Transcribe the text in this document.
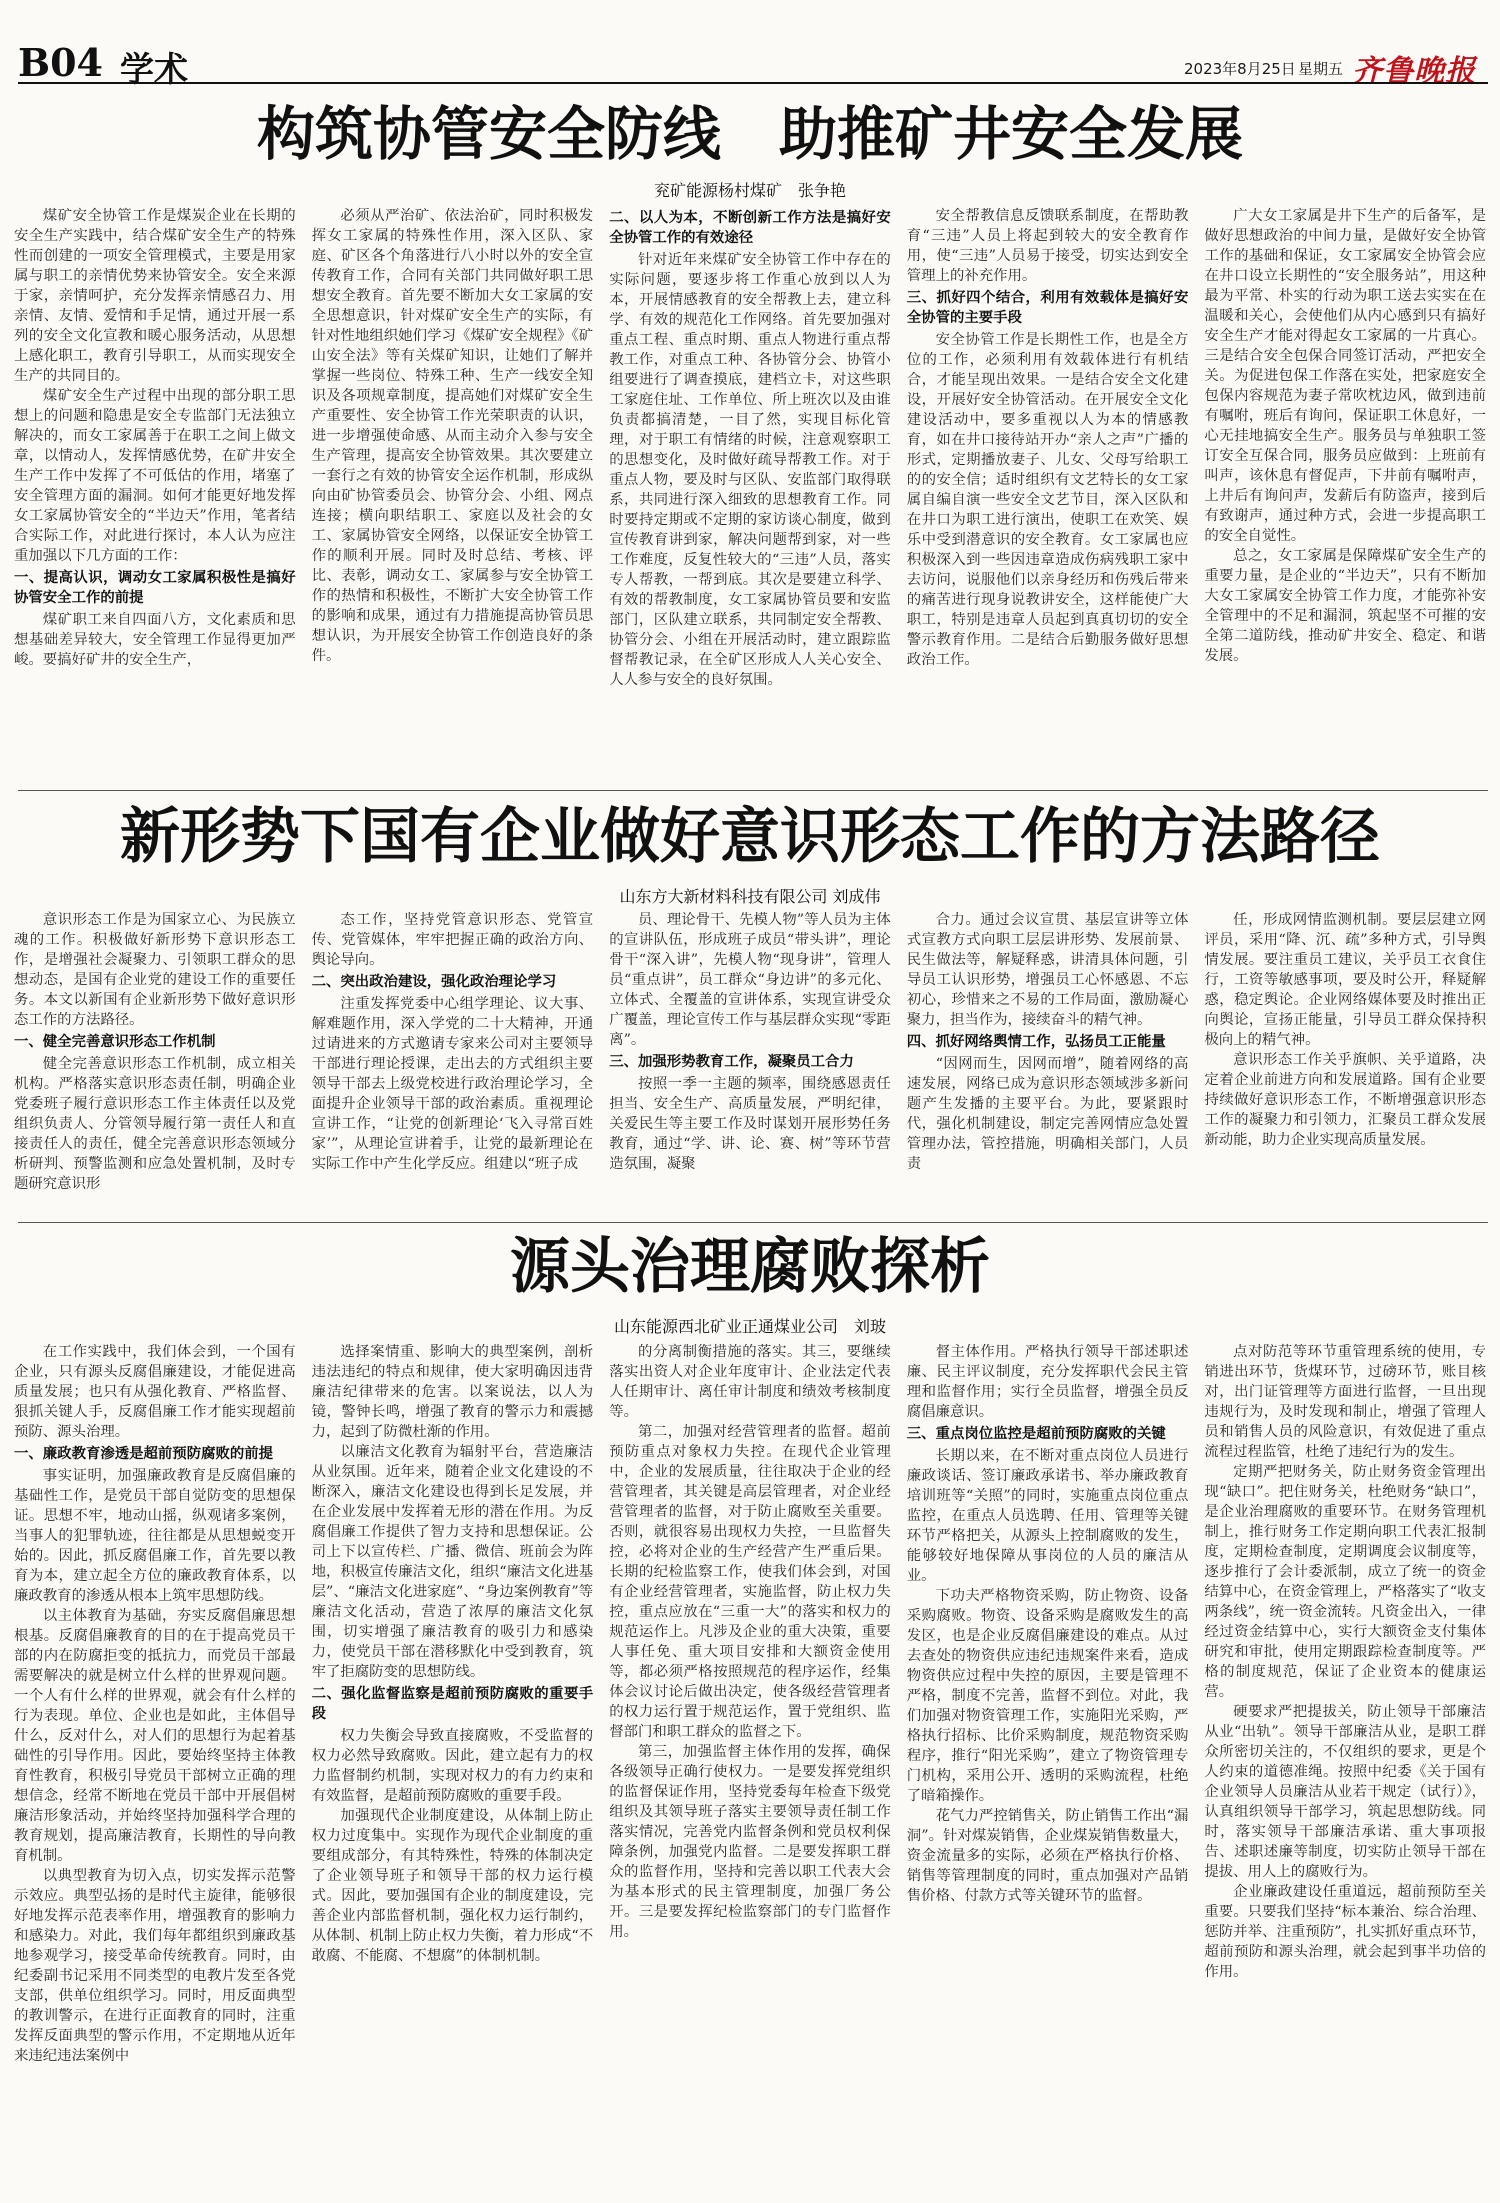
B04 学术	2023年8月25日 星期五 齐鲁晚报
构筑协管安全防线　助推矿井安全发展
兖矿能源杨村煤矿　张争艳

煤矿安全协管工作是煤炭企业在长期的安全生产实践中，结合煤矿安全生产的特殊性而创建的一项安全管理模式，主要是用家属与职工的亲情优势来协管安全。安全来源于家，亲情呵护，充分发挥亲情感召力、用亲情、友情、爱情和手足情，通过开展一系列的安全文化宣教和暖心服务活动，从思想上感化职工，教育引导职工，从而实现安全生产的共同目的。

煤矿安全生产过程中出现的部分职工思想上的问题和隐患是安全专监部门无法独立解决的，而女工家属善于在职工之间上做文章，以情动人，发挥情感优势，在矿井安全生产工作中发挥了不可低估的作用，堵塞了安全管理方面的漏洞。如何才能更好地发挥女工家属协管安全的“半边天”作用，笔者结合实际工作，对此进行探讨，本人认为应注重加强以下几方面的工作：

一、提高认识，调动女工家属积极性是搞好协管安全工作的前提

煤矿职工来自四面八方，文化素质和思想基础差异较大，安全管理工作显得更加严峻。要搞好矿井的安全生产，

必须从严治矿、依法治矿，同时积极发挥女工家属的特殊性作用，深入区队、家庭、矿区各个角落进行八小时以外的安全宣传教育工作，合同有关部门共同做好职工思想安全教育。首先要不断加大女工家属的安全思想意识，针对煤矿安全生产的实际，有针对性地组织她们学习《煤矿安全规程》《矿山安全法》等有关煤矿知识，让她们了解并掌握一些岗位、特殊工种、生产一线安全知识及各项规章制度，提高她们对煤矿安全生产重要性、安全协管工作光荣职责的认识，进一步增强使命感、从而主动介入参与安全生产管理，提高安全协管效果。其次要建立一套行之有效的协管安全运作机制，形成纵向由矿协管委员会、协管分会、小组、网点连接；横向职结职工、家庭以及社会的女工、家属协管安全网络，以保证安全协管工作的顺利开展。同时及时总结、考核、评比、表彰，调动女工、家属参与安全协管工作的热情和积极性，不断扩大安全协管工作的影响和成果，通过有力措施提高协管员思想认识，为开展安全协管工作创造良好的条件。

二、以人为本，不断创新工作方法是搞好安全协管工作的有效途径

针对近年来煤矿安全协管工作中存在的实际问题，要逐步将工作重心放到以人为本，开展情感教育的安全帮教上去，建立科学、有效的规范化工作网络。首先要加强对重点工程、重点时期、重点人物进行重点帮教工作，对重点工种、各协管分会、协管小组要进行了调查摸底，建档立卡，对这些职工家庭住址、工作单位、所上班次以及由谁负责都搞清楚，一目了然，实现目标化管理，对于职工有情绪的时候，注意观察职工的思想变化，及时做好疏导帮教工作。对于重点人物，要及时与区队、安监部门取得联系，共同进行深入细致的思想教育工作。同时要持定期或不定期的家访谈心制度，做到宣传教育讲到家，解决问题帮到家，对一些工作难度，反复性较大的“三违”人员，落实专人帮教，一帮到底。其次是要建立科学、有效的帮教制度，女工家属协管员要和安监部门，区队建立联系，共同制定安全帮教、协管分会、小组在开展活动时，建立跟踪监督帮教记录，在全矿区形成人人关心安全、人人参与安全的良好氛围。

安全帮教信息反馈联系制度，在帮助教育“三违”人员上将起到较大的安全教育作用，使“三违”人员易于接受，切实达到安全管理上的补充作用。

三、抓好四个结合，利用有效载体是搞好安全协管的主要手段

安全协管工作是长期性工作，也是全方位的工作，必须利用有效载体进行有机结合，才能呈现出效果。一是结合安全文化建设，开展好安全协管活动。在开展安全文化建设活动中，要多重视以人为本的情感教育，如在井口接待站开办“亲人之声”广播的形式，定期播放妻子、儿女、父母写给职工的的安全信；适时组织有文艺特长的女工家属自编自演一些安全文艺节目，深入区队和在井口为职工进行演出，使职工在欢笑、娱乐中受到潜意识的安全教育。女工家属也应积极深入到一些因违章造成伤病残职工家中去访问，说服他们以亲身经历和伤残后带来的痛苦进行现身说教讲安全，这样能使广大职工，特别是违章人员起到真真切切的安全警示教育作用。二是结合后勤服务做好思想政治工作。

广大女工家属是井下生产的后备军，是做好思想政治的中间力量，是做好安全协管工作的基础和保证，女工家属安全协管会应在井口设立长期性的“安全服务站”，用这种最为平常、朴实的行动为职工送去实实在在温暖和关心，会使他们从内心感到只有搞好安全生产才能对得起女工家属的一片真心。三是结合安全包保合同签订活动，严把安全关。为促进包保工作落在实处，把家庭安全包保内容规范为妻子常吹枕边风，做到违前有嘱咐，班后有询问，保证职工休息好，一心无挂地搞安全生产。服务员与单独职工签订安全互保合同，服务员应做到：上班前有叫声，该休息有督促声，下井前有嘱咐声，上井后有询问声，发薪后有防盗声，接到后有致谢声，通过种方式，会进一步提高职工的安全自觉性。

总之，女工家属是保障煤矿安全生产的重要力量，是企业的“半边天”，只有不断加大女工家属安全协管工作力度，才能弥补安全管理中的不足和漏洞，筑起坚不可摧的安全第二道防线，推动矿井安全、稳定、和谐发展。

新形势下国有企业做好意识形态工作的方法路径
山东方大新材料科技有限公司 刘成伟

意识形态工作是为国家立心、为民族立魂的工作。积极做好新形势下意识形态工作，是增强社会凝聚力、引领职工群众的思想动态，是国有企业党的建设工作的重要任务。本文以新国有企业新形势下做好意识形态工作的方法路径。

一、健全完善意识形态工作机制

健全完善意识形态工作机制，成立相关机构。严格落实意识形态责任制，明确企业党委班子履行意识形态工作主体责任以及党组织负责人、分管领导履行第一责任人和直接责任人的责任，健全完善意识形态领域分析研判、预警监测和应急处置机制，及时专题研究意识形

态工作，坚持党管意识形态、党管宣传、党管媒体，牢牢把握正确的政治方向、舆论导向。

二、突出政治建设，强化政治理论学习

注重发挥党委中心组学理论、议大事、解难题作用，深入学党的二十大精神，开通过请进来的方式邀请专家来公司对主要领导干部进行理论授课，走出去的方式组织主要领导干部去上级党校进行政治理论学习，全面提升企业领导干部的政治素质。重视理论宣讲工作，“让党的创新理论‘飞入寻常百姓家’”，从理论宣讲着手，让党的最新理论在实际工作中产生化学反应。组建以“班子成

员、理论骨干、先模人物”等人员为主体的宣讲队伍，形成班子成员“带头讲”，理论骨干“深入讲”，先模人物“现身讲”，管理人员“重点讲”，员工群众“身边讲”的多元化、立体式、全覆盖的宣讲体系，实现宣讲受众广覆盖，理论宣传工作与基层群众实现“零距离”。

三、加强形势教育工作，凝聚员工合力

按照一季一主题的频率，围绕感恩责任担当、安全生产、高质量发展，严明纪律，关爱民生等主要工作及时谋划开展形势任务教育，通过“学、讲、论、赛、树”等环节营造氛围，凝聚

合力。通过会议宣贯、基层宣讲等立体式宣教方式向职工层层讲形势、发展前景、民生做法等，解疑释惑，讲清具体问题，引导员工认识形势，增强员工心怀感恩、不忘初心，珍惜来之不易的工作局面，激励凝心聚力，担当作为，接续奋斗的精气神。

四、抓好网络舆情工作，弘扬员工正能量

“因网而生，因网而增”，随着网络的高速发展，网络已成为意识形态领域涉多新问题产生发播的主要平台。为此，要紧跟时代，强化机制建设，制定完善网情应急处置管理办法，管控措施，明确相关部门，人员责

任，形成网情监测机制。要层层建立网评员，采用“降、沉、疏”多种方式，引导舆情发展。要注重员工建议，关乎员工衣食住行，工资等敏感事项，要及时公开，释疑解惑，稳定舆论。企业网络媒体要及时推出正向舆论，宣扬正能量，引导员工群众保持积极向上的精气神。

意识形态工作关乎旗帜、关乎道路，决定着企业前进方向和发展道路。国有企业要持续做好意识形态工作，不断增强意识形态工作的凝聚力和引领力，汇聚员工群众发展新动能，助力企业实现高质量发展。

源头治理腐败探析
山东能源西北矿业正通煤业公司　刘玻

在工作实践中，我们体会到，一个国有企业，只有源头反腐倡廉建设，才能促进高质量发展；也只有从强化教育、严格监督、狠抓关键人手，反腐倡廉工作才能实现超前预防、源头治理。

一、廉政教育渗透是超前预防腐败的前提

事实证明，加强廉政教育是反腐倡廉的基础性工作，是党员干部自觉防变的思想保证。思想不牢，地动山摇，纵观诸多案例，当事人的犯罪轨迹，往往都是从思想蜕变开始的。因此，抓反腐倡廉工作，首先要以教育为本，建立起全方位的廉政教育体系，以廉政教育的渗透从根本上筑牢思想防线。

以主体教育为基础，夯实反腐倡廉思想根基。反腐倡廉教育的目的在于提高党员干部的内在防腐拒变的抵抗力，而党员干部最需要解决的就是树立什么样的世界观问题。一个人有什么样的世界观，就会有什么样的行为表现。单位、企业也是如此，主体倡导什么，反对什么，对人们的思想行为起着基础性的引导作用。因此，要始终坚持主体教育性教育，积极引导党员干部树立正确的理想信念，经常不断地在党员干部中开展倡树廉洁形象活动，并始终坚持加强科学合理的教育规划，提高廉洁教育，长期性的导向教育机制。

以典型教育为切入点，切实发挥示范警示效应。典型弘扬的是时代主旋律，能够很好地发挥示范表率作用，增强教育的影响力和感染力。对此，我们每年都组织到廉政基地参观学习，接受革命传统教育。同时，由纪委副书记采用不同类型的电教片发至各党支部，供单位组织学习。同时，用反面典型的教训警示，在进行正面教育的同时，注重发挥反面典型的警示作用，不定期地从近年来违纪违法案例中

选择案情重、影响大的典型案例，剖析违法违纪的特点和规律，使大家明确因违背廉洁纪律带来的危害。以案说法，以人为镜，警钟长鸣，增强了教育的警示力和震撼力，起到了防微杜渐的作用。

以廉洁文化教育为辐射平台，营造廉洁从业氛围。近年来，随着企业文化建设的不断深入，廉洁文化建设也得到长足发展，并在企业发展中发挥着无形的潜在作用。为反腐倡廉工作提供了智力支持和思想保证。公司上下以宣传栏、广播、微信、班前会为阵地，积极宣传廉洁文化，组织“廉洁文化进基层”、“廉洁文化进家庭”、“身边案例教育”等廉洁文化活动，营造了浓厚的廉洁文化氛围，切实增强了廉洁教育的吸引力和感染力，使党员干部在潜移默化中受到教育，筑牢了拒腐防变的思想防线。

二、强化监督监察是超前预防腐败的重要手段

权力失衡会导致直接腐败，不受监督的权力必然导致腐败。因此，建立起有力的权力监督制约机制，实现对权力的有力约束和有效监督，是超前预防腐败的重要手段。

加强现代企业制度建设，从体制上防止权力过度集中。实现作为现代企业制度的重要组成部分，有其特殊性，特殊的体制决定了企业领导班子和领导干部的权力运行模式。因此，要加强国有企业的制度建设，完善企业内部监督机制，强化权力运行制约，从体制、机制上防止权力失衡，着力形成“不敢腐、不能腐、不想腐”的体制机制。

的分离制衡措施的落实。其三，要继续落实出资人对企业年度审计、企业法定代表人任期审计、离任审计制度和绩效考核制度等。

第二，加强对经营管理者的监督。超前预防重点对象权力失控。在现代企业管理中，企业的发展质量，往往取决于企业的经营管理者，其关键是高层管理者，对企业经营管理者的监督，对于防止腐败至关重要。否则，就很容易出现权力失控，一旦监督失控，必将对企业的生产经营产生严重后果。长期的纪检监察工作，使我们体会到，对国有企业经营管理者，实施监督，防止权力失控，重点应放在“三重一大”的落实和权力的规范运作上。凡涉及企业的重大决策，重要人事任免、重大项目安排和大额资金使用等，都必须严格按照规范的程序运作，经集体会议讨论后做出决定，使各级经营管理者的权力运行置于规范运作，置于党组织、监督部门和职工群众的监督之下。

第三，加强监督主体作用的发挥，确保各级领导正确行使权力。一是要发挥党组织的监督保证作用，坚持党委每年检查下级党组织及其领导班子落实主要领导责任制工作落实情况，完善党内监督条例和党员权利保障条例，加强党内监督。二是要发挥职工群众的监督作用，坚持和完善以职工代表大会为基本形式的民主管理制度，加强厂务公开。三是要发挥纪检监察部门的专门监督作用。

督主体作用。严格执行领导干部述职述廉、民主评议制度，充分发挥职代会民主管理和监督作用；实行全员监督，增强全员反腐倡廉意识。

三、重点岗位监控是超前预防腐败的关键

长期以来，在不断对重点岗位人员进行廉政谈话、签订廉政承诺书、举办廉政教育培训班等“关照”的同时，实施重点岗位重点监控，在重点人员选聘、任用、管理等关键环节严格把关，从源头上控制腐败的发生，能够较好地保障从事岗位的人员的廉洁从业。

下功夫严格物资采购，防止物资、设备采购腐败。物资、设备采购是腐败发生的高发区，也是企业反腐倡廉建设的难点。从过去查处的物资供应违纪违规案件来看，造成物资供应过程中失控的原因，主要是管理不严格，制度不完善，监督不到位。对此，我们加强对物资管理工作，实施阳光采购，严格执行招标、比价采购制度，规范物资采购程序，推行“阳光采购”，建立了物资管理专门机构，采用公开、透明的采购流程，杜绝了暗箱操作。

花气力严控销售关，防止销售工作出“漏洞”。针对煤炭销售，企业煤炭销售数量大，资金流量多的实际，必须在严格执行价格、销售等管理制度的同时，重点加强对产品销售价格、付款方式等关键环节的监督。

点对防范等环节重管理系统的使用，专销进出环节，货煤环节，过磅环节，账目核对，出门证管理等方面进行监督，一旦出现违规行为，及时发现和制止，增强了管理人员和销售人员的风险意识，有效促进了重点流程过程监管，杜绝了违纪行为的发生。

定期严把财务关，防止财务资金管理出现“缺口”。把住财务关，杜绝财务“缺口”，是企业治理腐败的重要环节。在财务管理机制上，推行财务工作定期向职工代表汇报制度，定期检查制度，定期调度会议制度等，逐步推行了会计委派制，成立了统一的资金结算中心，在资金管理上，严格落实了“收支两条线”，统一资金流转。凡资金出入，一律经过资金结算中心，实行大额资金支付集体研究和审批，使用定期跟踪检查制度等。严格的制度规范，保证了企业资本的健康运营。

硬要求严把提拔关，防止领导干部廉洁从业“出轨”。领导干部廉洁从业，是职工群众所密切关注的，不仅组织的要求，更是个人约束的道德准绳。按照中纪委《关于国有企业领导人员廉洁从业若干规定（试行）》，认真组织领导干部学习，筑起思想防线。同时，落实领导干部廉洁承诺、重大事项报告、述职述廉等制度，切实防止领导干部在提拔、用人上的腐败行为。

企业廉政建设任重道远，超前预防至关重要。只要我们坚持“标本兼治、综合治理、惩防并举、注重预防”，扎实抓好重点环节，超前预防和源头治理，就会起到事半功倍的作用。
